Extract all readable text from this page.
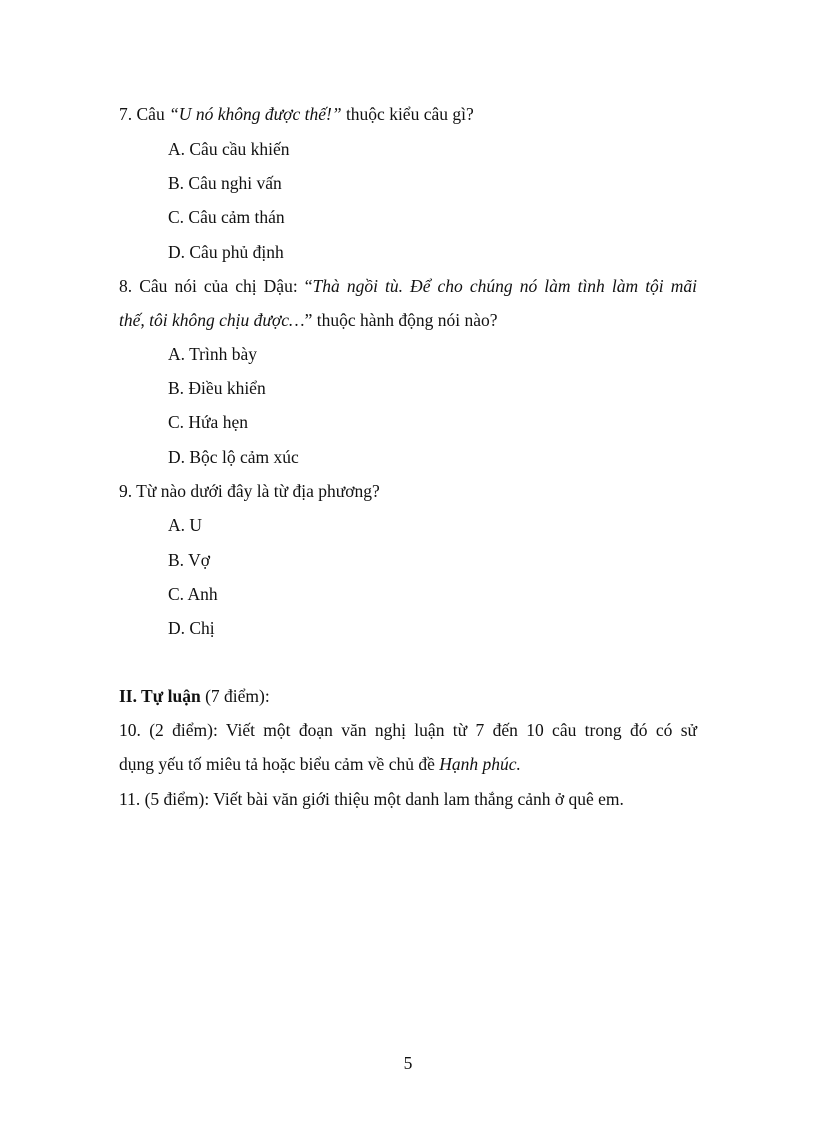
7. Câu “U nó không được thế!” thuộc kiểu câu gì?
A. Câu cầu khiến
B. Câu nghi vấn
C. Câu cảm thán
D. Câu phủ định
8. Câu nói của chị Dậu: “Thà ngồi tù. Để cho chúng nó làm tình làm tội mãi
thế, tôi không chịu được…” thuộc hành động nói nào?
A. Trình bày
B. Điều khiển
C. Hứa hẹn
D. Bộc lộ cảm xúc
9. Từ nào dưới đây là từ địa phương?
A. U
B. Vợ
C. Anh
D. Chị
II. Tự luận (7 điểm):
10. (2 điểm): Viết một đoạn văn nghị luận từ 7 đến 10 câu trong đó có sử
dụng yếu tố miêu tả hoặc biểu cảm về chủ đề Hạnh phúc.
11. (5 điểm): Viết bài văn giới thiệu một danh lam thắng cảnh ở quê em.
5
